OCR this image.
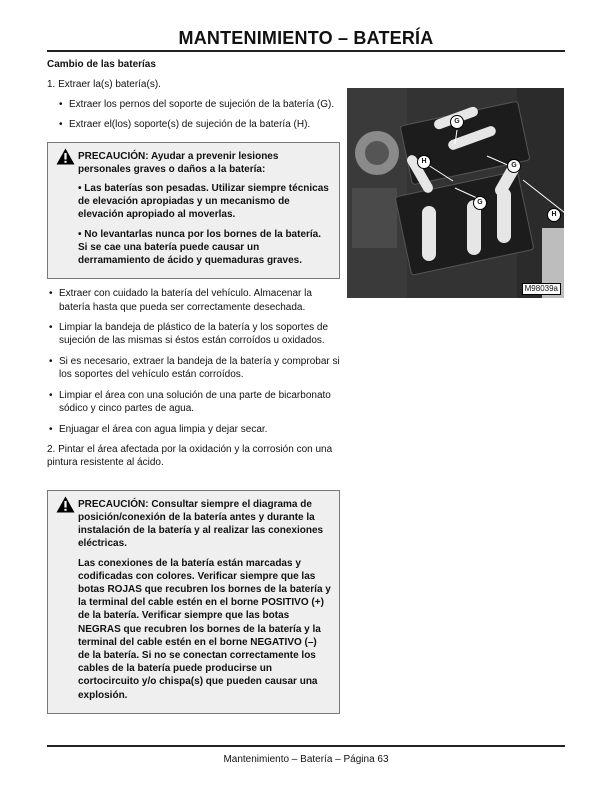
MANTENIMIENTO – BATERÍA

Cambio de las baterías

1. Extraer la(s) batería(s).

• Extraer los pernos del soporte de sujeción de la batería (G).

• Extraer el(los) soporte(s) de sujeción de la batería (H).

PRECAUCIÓN: Ayudar a prevenir lesiones personales graves o daños a la batería:

• Las baterías son pesadas. Utilizar siempre técnicas de elevación apropiadas y un mecanismo de elevación apropiado al moverlas.

• No levantarlas nunca por los bornes de la batería. Si se cae una batería puede causar un derramamiento de ácido y quemaduras graves.

• Extraer con cuidado la batería del vehículo. Almacenar la batería hasta que pueda ser correctamente desechada.

• Limpiar la bandeja de plástico de la batería y los soportes de sujeción de las mismas si éstos están corroídos u oxidados.

• Si es necesario, extraer la bandeja de la batería y comprobar si los soportes del vehículo están corroídos.

• Limpiar el área con una solución de una parte de bicarbonato sódico y cinco partes de agua.

• Enjuagar el área con agua limpia y dejar secar.

2. Pintar el área afectada por la oxidación y la corrosión con una pintura resistente al ácido.

PRECAUCIÓN: Consultar siempre el diagrama de posición/conexión de la batería antes y durante la instalación de la batería y al realizar las conexiones eléctricas.

Las conexiones de la batería están marcadas y codificadas con colores. Verificar siempre que las botas ROJAS que recubren los bornes de la batería y la terminal del cable estén en el borne POSITIVO (+) de la batería. Verificar siempre que las botas NEGRAS que recubren los bornes de la batería y la terminal del cable estén en el borne NEGATIVO (–) de la batería. Si no se conectan correctamente los cables de la batería puede producirse un cortocircuito y/o chispa(s) que pueden causar una explosión.

G
H
G
G
H
M98039a
Mantenimiento – Batería – Página 63
